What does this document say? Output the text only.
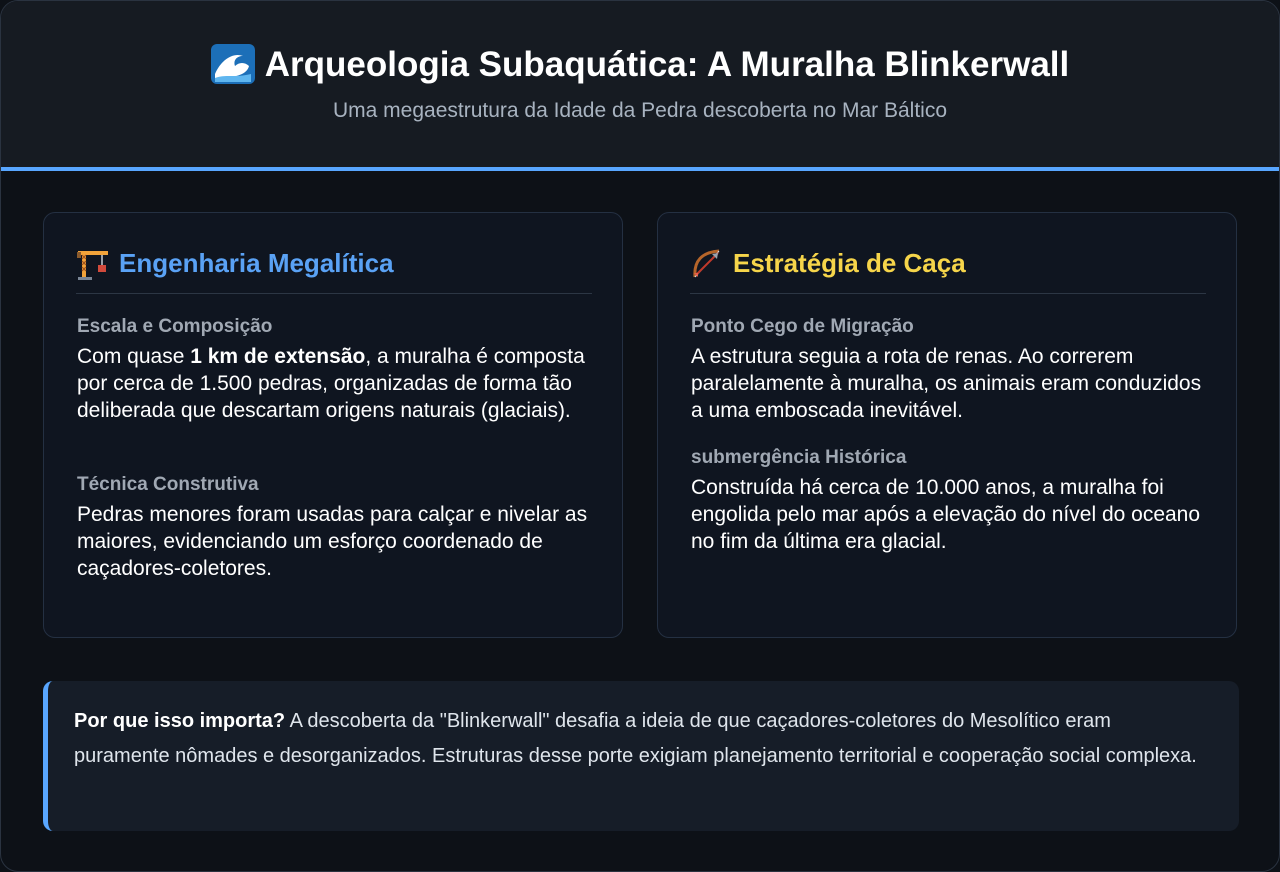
Arqueologia Subaquática: A Muralha Blinkerwall
Uma megaestrutura da Idade da Pedra descoberta no Mar Báltico
Engenharia Megalítica
Escala e Composição

Com quase 1 km de extensão, a muralha é composta por cerca de 1.500 pedras, organizadas de forma tão deliberada que descartam origens naturais (glaciais).

Técnica Construtiva

Pedras menores foram usadas para calçar e nivelar as maiores, evidenciando um esforço coordenado de caçadores-coletores.

Estratégia de Caça
Ponto Cego de Migração

A estrutura seguia a rota de renas. Ao correrem paralelamente à muralha, os animais eram conduzidos a uma emboscada inevitável.

submergência Histórica

Construída há cerca de 10.000 anos, a muralha foi engolida pelo mar após a elevação do nível do oceano no fim da última era glacial.

Por que isso importa? A descoberta da "Blinkerwall" desafia a ideia de que caçadores-coletores do Mesolítico eram puramente nômades e desorganizados. Estruturas desse porte exigiam planejamento territorial e cooperação social complexa.
